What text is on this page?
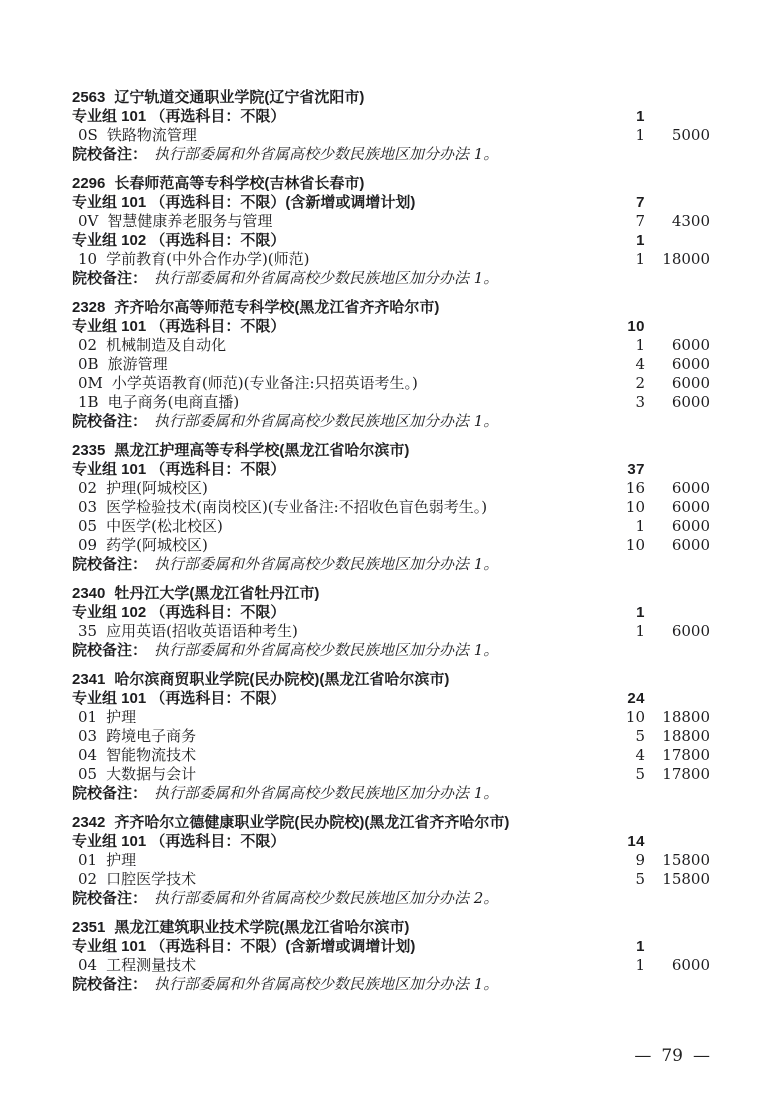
2563 辽宁轨道交通职业学院(辽宁省沈阳市)
专业组 101 （再选科目：不限）	1
0S 铁路物流管理	1	5000
院校备注： 执行部委属和外省属高校少数民族地区加分办法 1。
2296 长春师范高等专科学校(吉林省长春市)
专业组 101 （再选科目：不限）(含新增或调增计划)	7
0V 智慧健康养老服务与管理	7	4300
专业组 102 （再选科目：不限）	1
10 学前教育(中外合作办学)(师范)	1	18000
院校备注： 执行部委属和外省属高校少数民族地区加分办法 1。
2328 齐齐哈尔高等师范专科学校(黑龙江省齐齐哈尔市)
专业组 101 （再选科目：不限）	10
02 机械制造及自动化	1	6000
0B 旅游管理	4	6000
0M 小学英语教育(师范)(专业备注:只招英语考生。)	2	6000
1B 电子商务(电商直播)	3	6000
院校备注： 执行部委属和外省属高校少数民族地区加分办法 1。
2335 黑龙江护理高等专科学校(黑龙江省哈尔滨市)
专业组 101 （再选科目：不限）	37
02 护理(阿城校区)	16	6000
03 医学检验技术(南岗校区)(专业备注:不招收色盲色弱考生。)	10	6000
05 中医学(松北校区)	1	6000
09 药学(阿城校区)	10	6000
院校备注： 执行部委属和外省属高校少数民族地区加分办法 1。
2340 牡丹江大学(黑龙江省牡丹江市)
专业组 102 （再选科目：不限）	1
35 应用英语(招收英语语种考生)	1	6000
院校备注： 执行部委属和外省属高校少数民族地区加分办法 1。
2341 哈尔滨商贸职业学院(民办院校)(黑龙江省哈尔滨市)
专业组 101 （再选科目：不限）	24
01 护理	10	18800
03 跨境电子商务	5	18800
04 智能物流技术	4	17800
05 大数据与会计	5	17800
院校备注： 执行部委属和外省属高校少数民族地区加分办法 1。
2342 齐齐哈尔立德健康职业学院(民办院校)(黑龙江省齐齐哈尔市)
专业组 101 （再选科目：不限）	14
01 护理	9	15800
02 口腔医学技术	5	15800
院校备注： 执行部委属和外省属高校少数民族地区加分办法 2。
2351 黑龙江建筑职业技术学院(黑龙江省哈尔滨市)
专业组 101 （再选科目：不限）(含新增或调增计划)	1
04 工程测量技术	1	6000
院校备注： 执行部委属和外省属高校少数民族地区加分办法 1。
— 79 —
